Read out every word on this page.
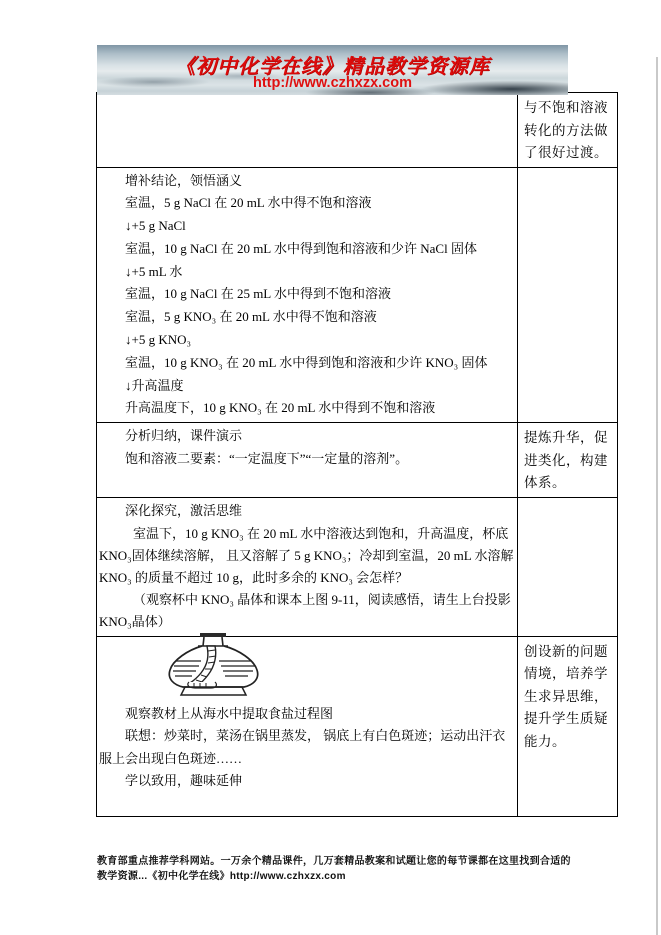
《初中化学在线》精品教学资源库
http://www.czhxzx.com

	与不饱和溶液转化的方法做了很好过渡。

增补结论，领悟涵义
室温，5 g NaCl 在 20 mL 水中得不饱和溶液
↓+5 g NaCl
室温，10 g NaCl 在 20 mL 水中得到饱和溶液和少许 NaCl 固体
↓+5 mL 水
室温，10 g NaCl 在 25 mL 水中得到不饱和溶液
室温，5 g KNO₃ 在 20 mL 水中得不饱和溶液
↓+5 g KNO₃
室温，10 g KNO₃ 在 20 mL 水中得到饱和溶液和少许 KNO₃ 固体
↓升高温度
升高温度下，10 g KNO₃ 在 20 mL 水中得到不饱和溶液

分析归纳，课件演示
饱和溶液二要素：“一定温度下”“一定量的溶剂”。	提炼升华，促进类化，构建体系。

深化探究，激活思维
室温下，10 g KNO₃ 在 20 mL 水中溶液达到饱和，升高温度，杯底KNO₃固体继续溶解， 且又溶解了 5 g KNO₃；冷却到室温，20 mL 水溶解 KNO₃ 的质量不超过 10 g，此时多余的 KNO₃ 会怎样？
（观察杯中 KNO₃ 晶体和课本上图 9-11，阅读感悟，请生上台投影KNO₃晶体）	

观察教材上从海水中提取食盐过程图
联想：炒菜时，菜汤在锅里蒸发， 锅底上有白色斑迹；运动出汗衣服上会出现白色斑迹……
学以致用，趣味延伸	创设新的问题情境，培养学生求异思维，提升学生质疑能力。
教育部重点推荐学科网站。一万余个精品课件，几万套精品教案和试题让您的每节课都在这里找到合适的
教学资源...《初中化学在线》http://www.czhxzx.com
